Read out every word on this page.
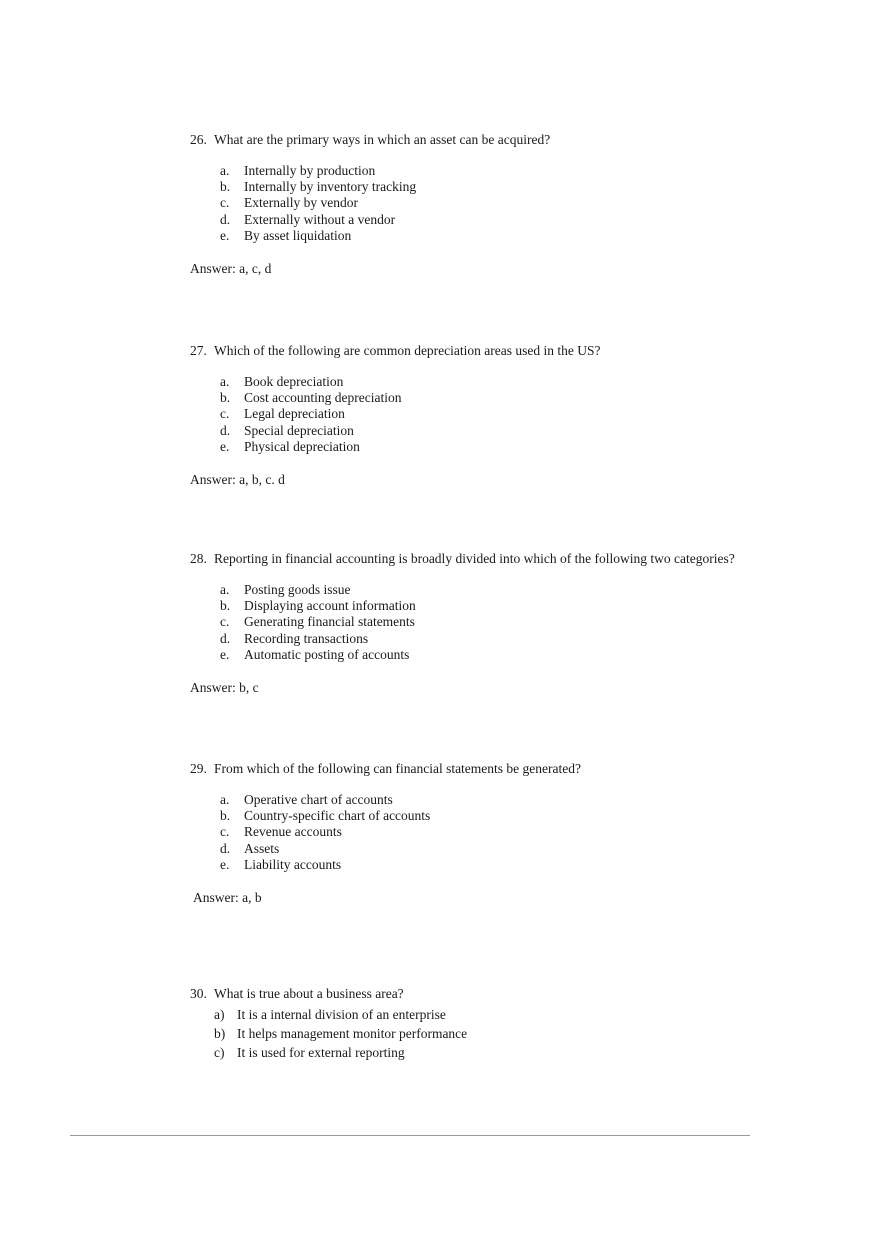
26. What are the primary ways in which an asset can be acquired?
a.	Internally by production
b.	Internally by inventory tracking
c.	Externally by vendor
d.	Externally without a vendor
e.	By asset liquidation
Answer: a, c, d
27. Which of the following are common depreciation areas used in the US?
a.	Book depreciation
b.	Cost accounting depreciation
c.	Legal depreciation
d.	Special depreciation
e.	Physical depreciation
Answer: a, b, c. d
28. Reporting in financial accounting is broadly divided into which of the following two categories?
a.	Posting goods issue
b.	Displaying account information
c.	Generating financial statements
d.	Recording transactions
e.	Automatic posting of accounts
Answer: b, c
29. From which of the following can financial statements be generated?
a.	Operative chart of accounts
b.	Country-specific chart of accounts
c.	Revenue accounts
d.	Assets
e.	Liability accounts
Answer: a, b
30. What is true about a business area?
a) It is a internal division of an enterprise
b) It helps management monitor performance
c) It is used for external reporting
